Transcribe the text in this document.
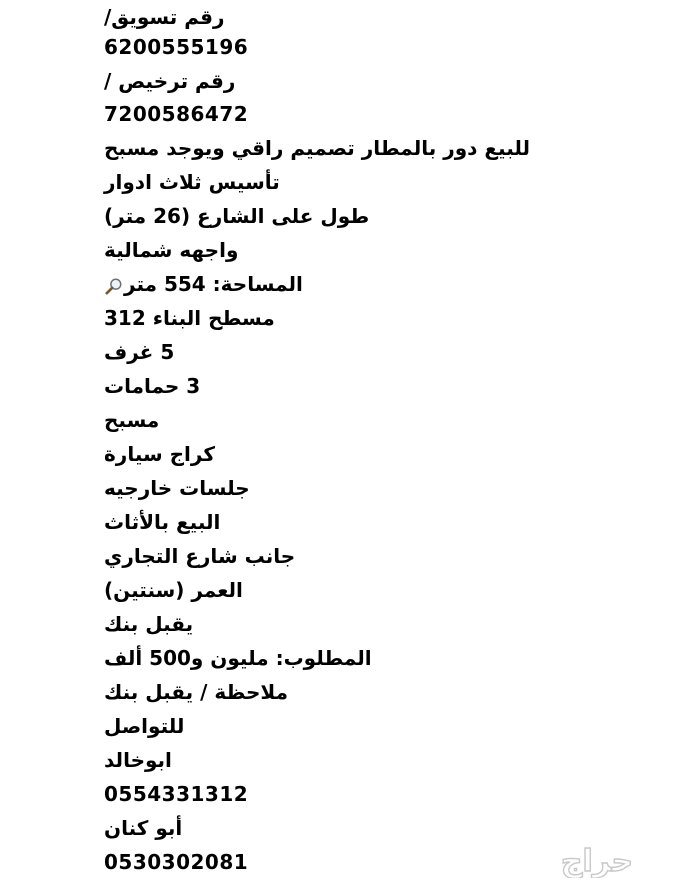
رقم تسويق/
6200555196
رقم ترخيص /
7200586472
للبيع دور بالمطار تصميم راقي ويوجد مسبح
تأسيس ثلاث ادوار
طول على الشارع (26 متر)
واجهه شمالية
المساحة: 554 متر
مسطح البناء 312
5 غرف
3 حمامات
مسبح
كراج سيارة
جلسات خارجيه
البيع بالأثاث
جانب شارع التجاري
العمر (سنتين)
يقبل بنك
المطلوب: مليون و500 ألف
ملاحظة / يقبل بنك
للتواصل
ابوخالد
0554331312
أبو كنان
0530302081	حراج
